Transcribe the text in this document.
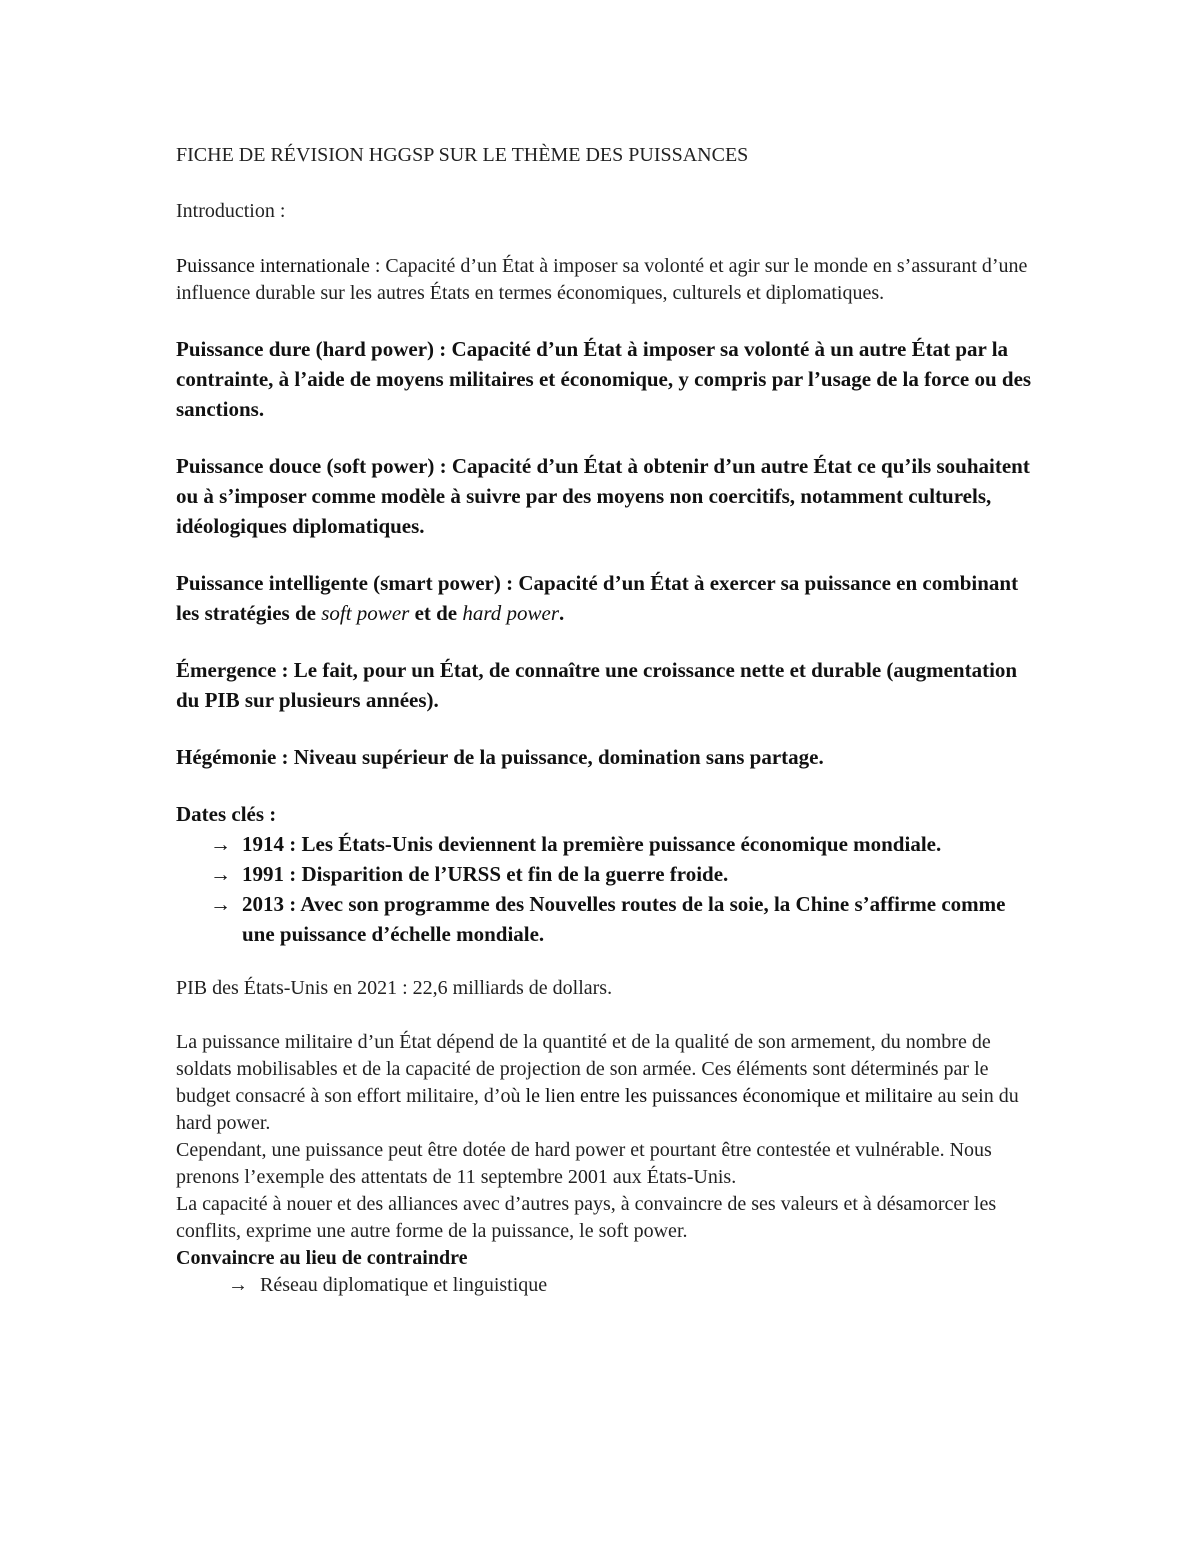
FICHE DE RÉVISION HGGSP SUR LE THÈME DES PUISSANCES

Introduction :

Puissance internationale : Capacité d’un État à imposer sa volonté et agir sur le monde en s’assurant d’une influence durable sur les autres États en termes économiques, culturels et diplomatiques.

Puissance dure (hard power) : Capacité d’un État à imposer sa volonté à un autre État par la contrainte, à l’aide de moyens militaires et économique, y compris par l’usage de la force ou des sanctions.

Puissance douce (soft power) : Capacité d’un État à obtenir d’un autre État ce qu’ils souhaitent ou à s’imposer comme modèle à suivre par des moyens non coercitifs, notamment culturels, idéologiques diplomatiques.

Puissance intelligente (smart power) : Capacité d’un État à exercer sa puissance en combinant les stratégies de soft power et de hard power.

Émergence : Le fait, pour un État, de connaître une croissance nette et durable (augmentation du PIB sur plusieurs années).

Hégémonie : Niveau supérieur de la puissance, domination sans partage.

Dates clés :

→ 1914 : Les États-Unis deviennent la première puissance économique mondiale.
→ 1991 : Disparition de l’URSS et fin de la guerre froide.
→ 2013 : Avec son programme des Nouvelles routes de la soie, la Chine s’affirme comme une puissance d’échelle mondiale.

PIB des États-Unis en 2021 : 22,6 milliards de dollars.

La puissance militaire d’un État dépend de la quantité et de la qualité de son armement, du nombre de soldats mobilisables et de la capacité de projection de son armée. Ces éléments sont déterminés par le budget consacré à son effort militaire, d’où le lien entre les puissances économique et militaire au sein du hard power.

Cependant, une puissance peut être dotée de hard power et pourtant être contestée et vulnérable. Nous prenons l’exemple des attentats de 11 septembre 2001 aux États-Unis.

La capacité à nouer et des alliances avec d’autres pays, à convaincre de ses valeurs et à désamorcer les conflits, exprime une autre forme de la puissance, le soft power.

Convaincre au lieu de contraindre

→ Réseau diplomatique et linguistique
